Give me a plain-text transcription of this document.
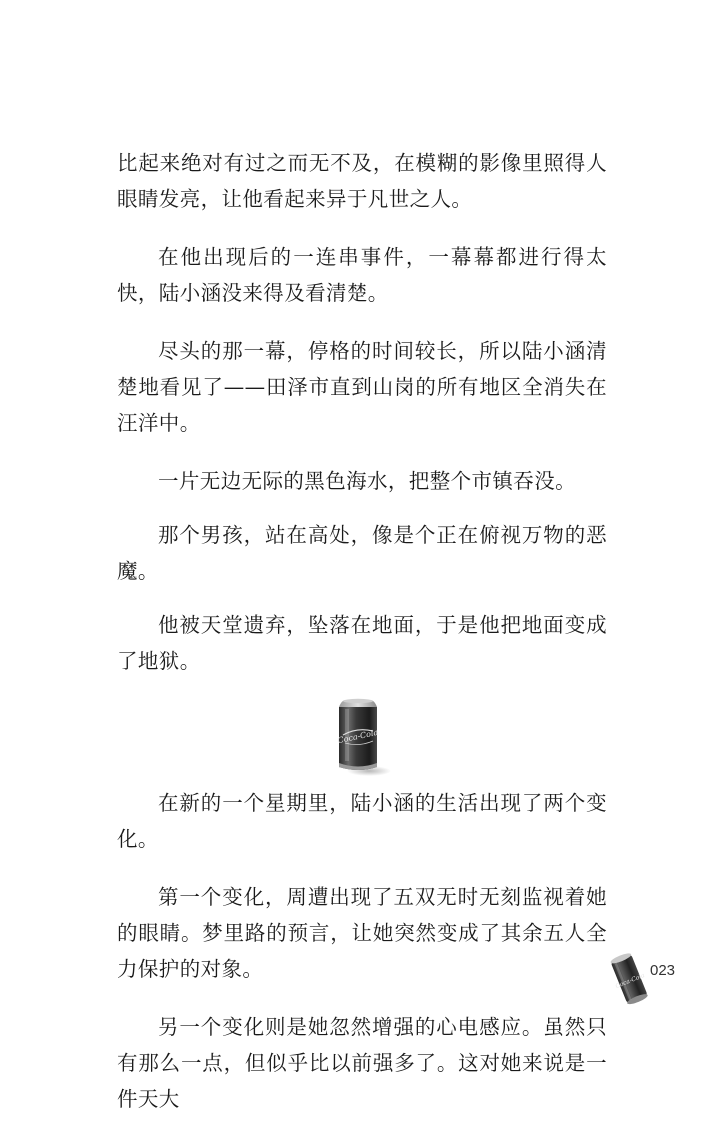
比起来绝对有过之而无不及，在模糊的影像里照得人眼睛发亮，让他看起来异于凡世之人。

在他出现后的一连串事件，一幕幕都进行得太快，陆小涵没来得及看清楚。

尽头的那一幕，停格的时间较长，所以陆小涵清楚地看见了——田泽市直到山岗的所有地区全消失在汪洋中。

一片无边无际的黑色海水，把整个市镇吞没。

那个男孩，站在高处，像是个正在俯视万物的恶魔。

他被天堂遗弃，坠落在地面，于是他把地面变成了地狱。

Coca-Cola

在新的一个星期里，陆小涵的生活出现了两个变化。

第一个变化，周遭出现了五双无时无刻监视着她的眼睛。梦里路的预言，让她突然变成了其余五人全力保护的对象。

另一个变化则是她忽然增强的心电感应。虽然只有那么一点，但似乎比以前强多了。这对她来说是一件天大

Coca-Cola
023
